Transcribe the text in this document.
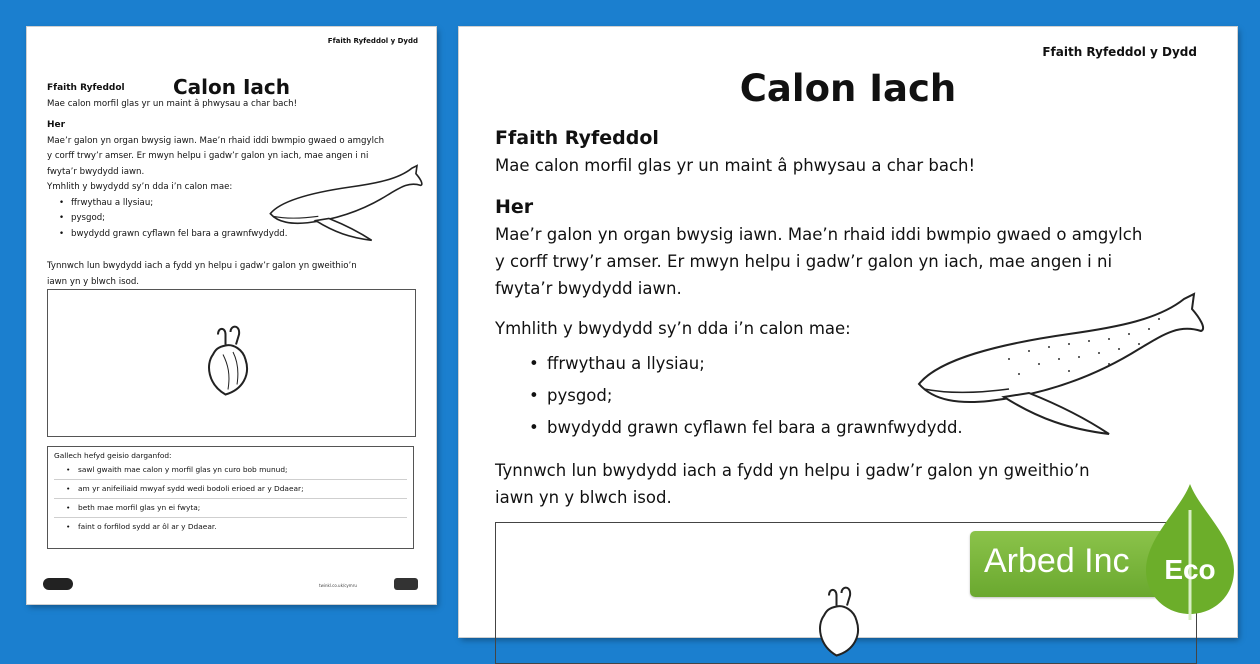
Ffaith Ryfeddol y Dydd
Calon Iach
Ffaith Ryfeddol
Mae calon morfil glas yr un maint â phwysau a char bach!
Her
Mae’r galon yn organ bwysig iawn. Mae’n rhaid iddi bwmpio gwaed o amgylch
y corff trwy’r amser. Er mwyn helpu i gadw’r galon yn iach, mae angen i ni
fwyta’r bwydydd iawn.
Ymhlith y bwydydd sy’n dda i’n calon mae:
• ffrwythau a llysiau;
• pysgod;
• bwydydd grawn cyflawn fel bara a grawnfwydydd.
Tynnwch lun bwydydd iach a fydd yn helpu i gadw’r galon yn gweithio’n
iawn yn y blwch isod.
Gallech hefyd geisio darganfod:
• sawl gwaith mae calon y morfil glas yn curo bob munud;
• am yr anifeiliaid mwyaf sydd wedi bodoli erioed ar y Ddaear;
• beth mae morfil glas yn ei fwyta;
• faint o forfilod sydd ar ôl ar y Ddaear.
twinkl.co.uk/cymru
Ffaith Ryfeddol y Dydd
Calon Iach
Ffaith Ryfeddol
Mae calon morfil glas yr un maint â phwysau a char bach!
Her
Mae’r galon yn organ bwysig iawn. Mae’n rhaid iddi bwmpio gwaed o amgylch
y corff trwy’r amser. Er mwyn helpu i gadw’r galon yn iach, mae angen i ni
fwyta’r bwydydd iawn.
Ymhlith y bwydydd sy’n dda i’n calon mae:
• ffrwythau a llysiau;
• pysgod;
• bwydydd grawn cyflawn fel bara a grawnfwydydd.
Tynnwch lun bwydydd iach a fydd yn helpu i gadw’r galon yn gweithio’n
iawn yn y blwch isod.
Arbed Inc	Eco
